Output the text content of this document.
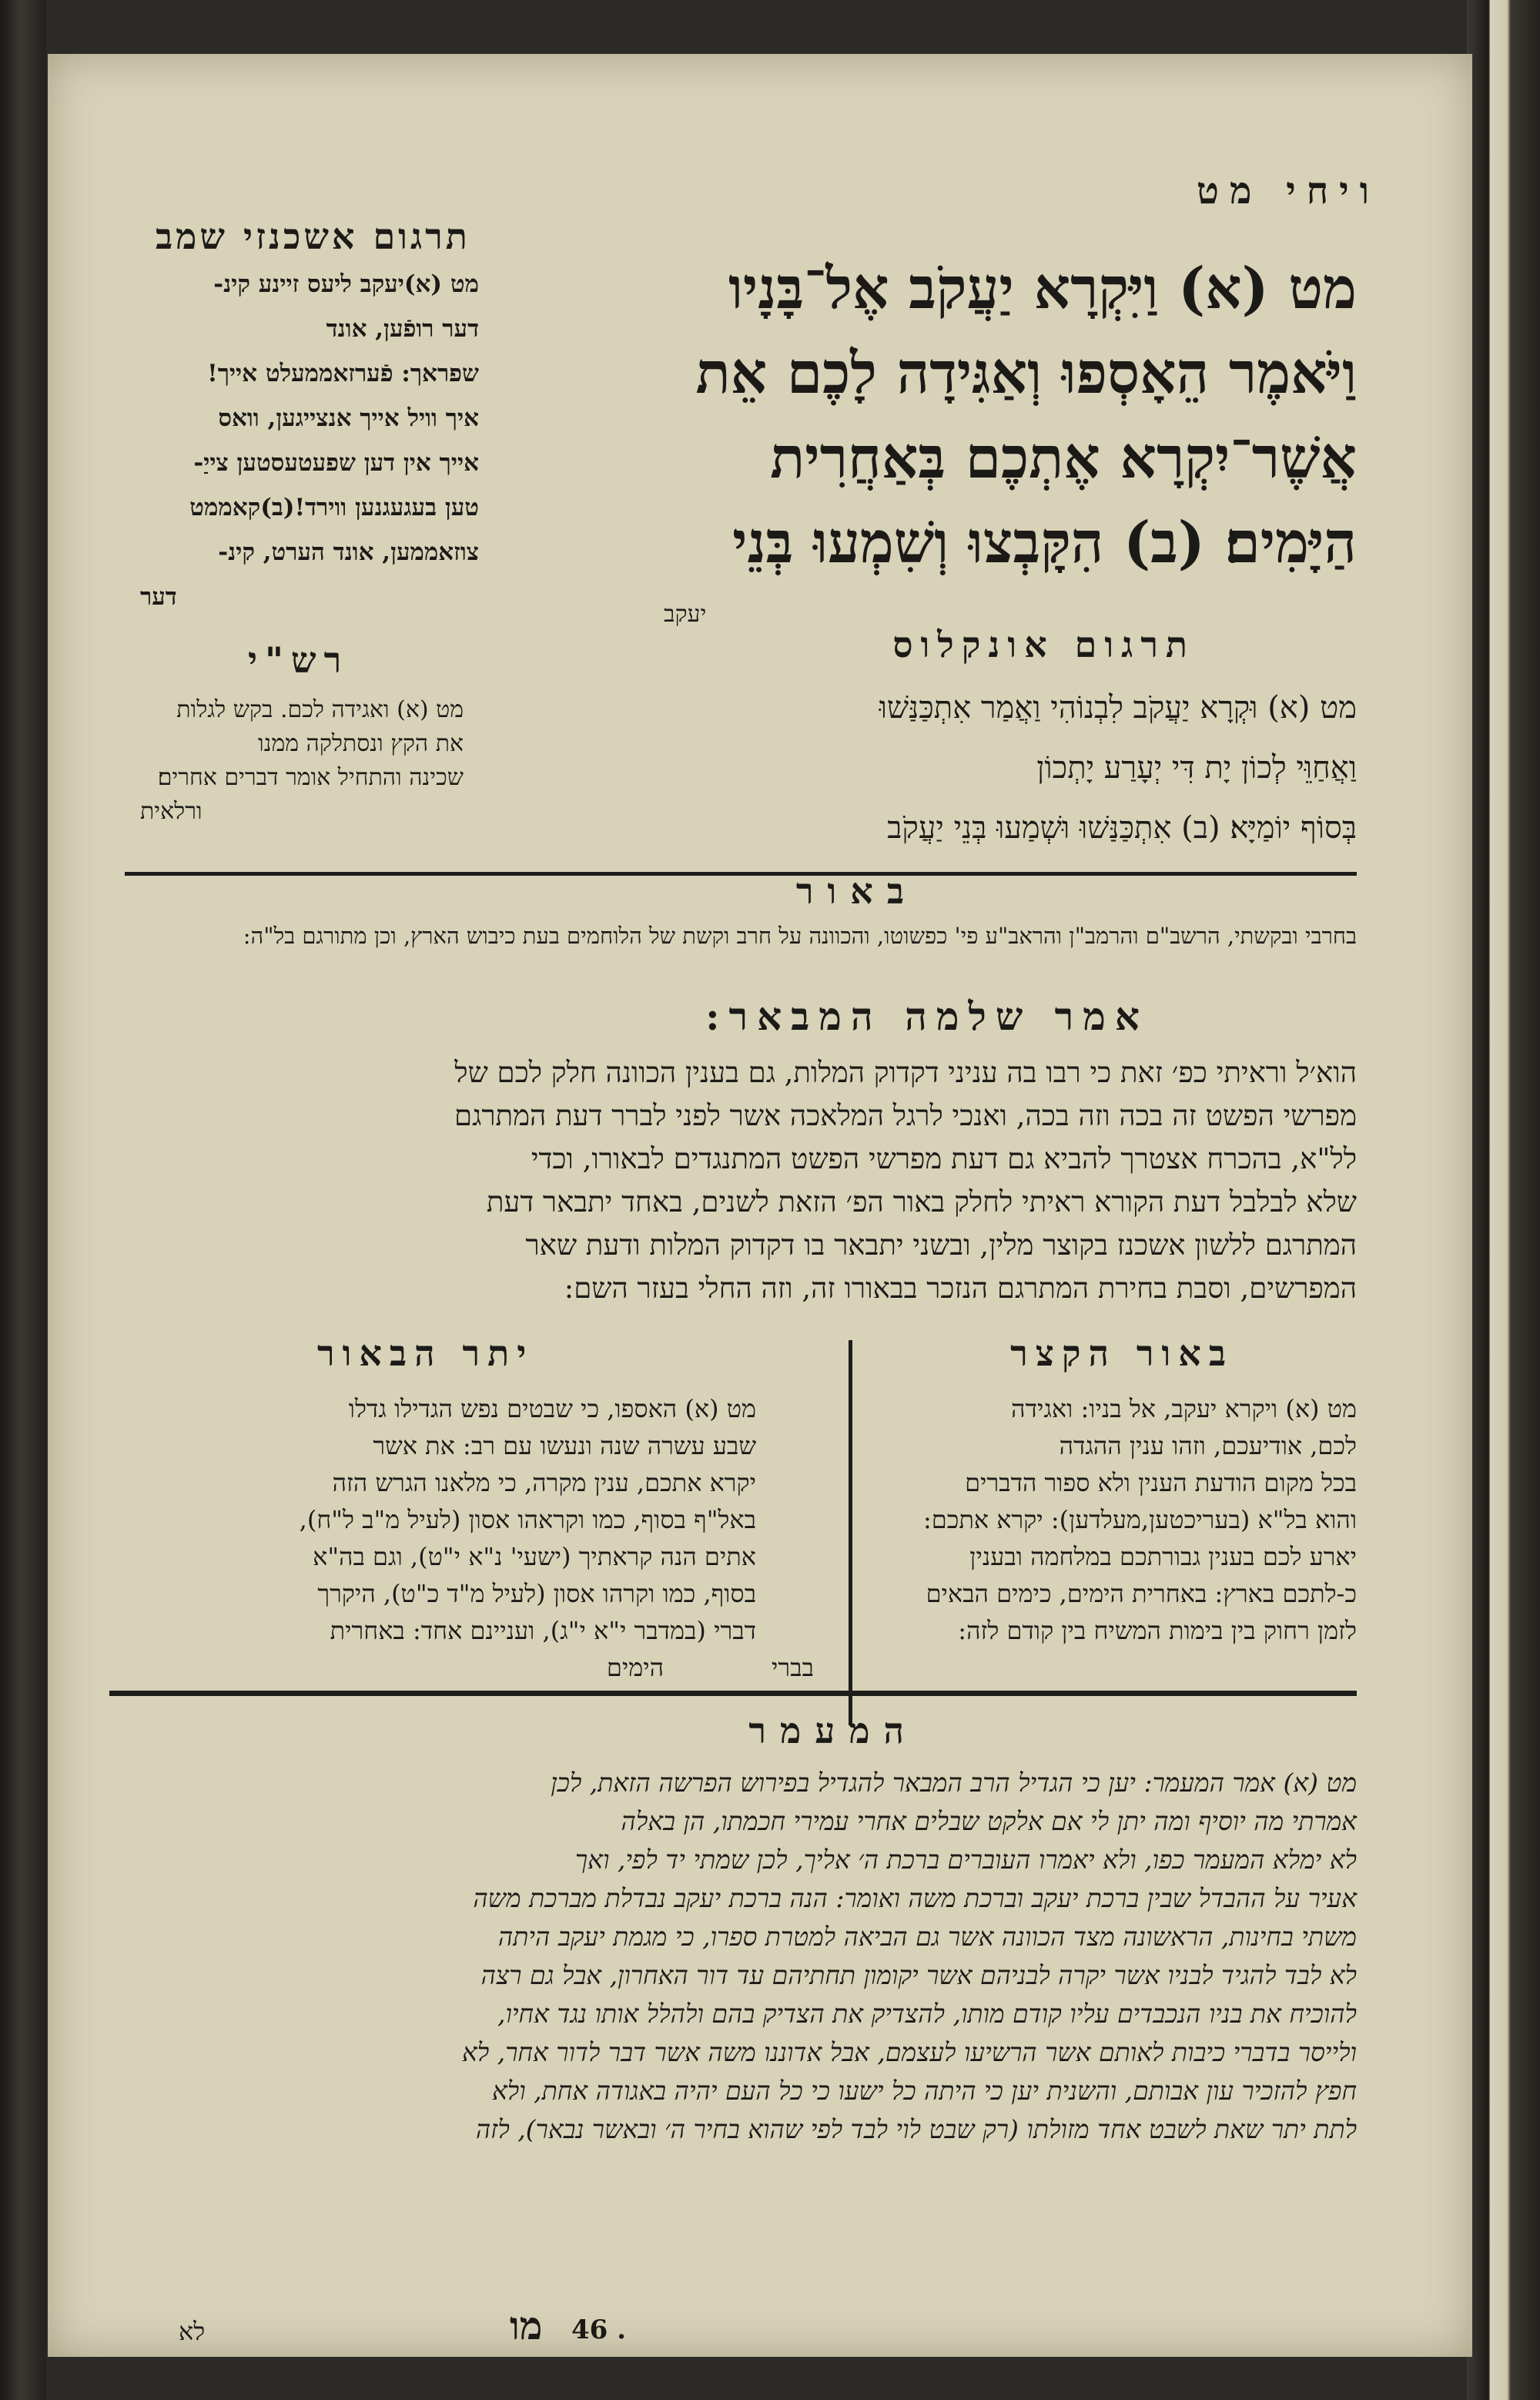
ויחי מט
תרגום אשכנזי שמב
מט (א) וַיִּקְרָא יַעֲקֹב אֶל־בָּנָיו
וַיֹּאמֶר הֵאָסְפוּ וְאַגִּידָה לָכֶם אֵת
אֲשֶׁר־יִקְרָא אֶתְכֶם בְּאַחֲרִית
הַיָּמִים׃ (ב) הִקָּבְצוּ וְשִׁמְעוּ בְּנֵי
יעקב
מט (א)יעקב ליעס זיינע קינ-
דער רופֿען, אונד
שפראך: פֿערזאממעלט אייך!
איך וויל אייך אנצייגען, וואס
אייך אין דען שפעטעסטען צייַ-
טען בעגעגנען ווירד!(ב)קאממט
צוזאממען, אונד הערט, קינ-
דער
תרגום אונקלוס
מט (א) וּקְרָא יַעֲקֹב לִבְנוֹהִי וַאֲמַר אִתְכַּנַּשׁוּ
וַאֲחַוֵּי לְכוֹן יָת דִּי יְעָרַע יָתְכוֹן
בְּסוֹף יוֹמַיָּא׃ (ב) אִתְכַּנַּשׁוּ וּשְׁמַעוּ בְּנֵי יַעֲקֹב
רש"י
מט (א) ואגידה לכם. בקש לגלות
את הקץ ונסתלקה ממנו
שכינה והתחיל אומר דברים אחרים׃
ורלאית
באור
בחרבי ובקשתי, הרשב"ם והרמב"ן והראב"ע פי' כפשוטו, והכוונה על חרב וקשת של הלוחמים בעת כיבוש הארץ, וכן מתורגם בל"ה:
אמר שלמה המבאר:
הוא׳ל וראיתי כפ׳ זאת כי רבו בה עניני דקדוק המלות, גם בענין הכוונה חלק לכם של
מפרשי הפשט זה בכה וזה בכה, ואנכי לרגל המלאכה אשר לפני לברר דעת המתרגם
לל"א, בהכרח אצטרך להביא גם דעת מפרשי הפשט המתנגדים לבאורו, וכדי
שלא לבלבל דעת הקורא ראיתי לחלק באור הפ׳ הזאת לשנים, באחד יתבאר דעת
המתרגם ללשון אשכנז בקוצר מלין, ובשני יתבאר בו דקדוק המלות ודעת שאר
המפרשים, וסבת בחירת המתרגם הנזכר בבאורו זה, וזה החלי בעזר השם:
באור הקצר
מט (א) ויקרא יעקב, אל בניו: ואגידה
לכם, אודיעכם, וזהו ענין ההגדה
בכל מקום הודעת הענין ולא ספור הדברים
והוא בל"א (בעריכטען,מעלדען): יקרא אתכם:
יארע לכם בענין גבורתכם במלחמה ובענין
כ-לתכם בארץ: באחרית הימים, כימים הבאים
לזמן רחוק בין בימות המשיח בין קודם לזה:
בברי
יתר הבאור
מט (א) האספו, כי שבטים נפש הגדילו גדלו
שבע עשרה שנה ונעשו עם רב: את אשר
יקרא אתכם, ענין מקרה, כי מלאנו הגרש הזה
באל"ף בסוף, כמו וקראהו אסון (לעיל מ"ב ל"ח),
אתים הנה קראתיך (ישעי' נ"א י"ט), וגם בה"א
בסוף, כמו וקרהו אסון (לעיל מ"ד כ"ט), היקרך
דברי (במדבר י"א י"ג), ועניינם אחד: באחרית
הימים
המעמר
מט (א) אמר המעמר: יען כי הגדיל הרב המבאר להגדיל בפירוש הפרשה הזאת, לכן
אמרתי מה יוסיף ומה יתן לי אם אלקט שבלים אחרי עמירי חכמתו, הן באלה
לא ימלא המעמר כפו, ולא יאמרו העוברים ברכת ה׳ אליך, לכן שמתי יד לפי, ואך
אעיר על ההבדל שבין ברכת יעקב וברכת משה ואומר: הנה ברכת יעקב נבדלת מברכת משה
משתי בחינות, הראשונה מצד הכוונה אשר גם הביאה למטרת ספרו, כי מגמת יעקב היתה
לא לבד להגיד לבניו אשר יקרה לבניהם אשר יקומון תחתיהם עד דור האחרון, אבל גם רצה
להוכיח את בניו הנכבדים עליו קודם מותו, להצדיק את הצדיק בהם ולהלל אותו נגד אחיו,
ולייסר בדברי כיבות לאותם אשר הרשיעו לעצמם, אבל אדוננו משה אשר דבר לדור אחר, לא
חפץ להזכיר עון אבותם, והשנית יען כי היתה כל ישעו כי כל העם יהיה באגודה אחת, ולא
לתת יתר שאת לשבט אחד מזולתו (רק שבט לוי לבד לפי שהוא בחיר ה׳ ובאשר נבאר), לזה
46 .
מו
לא
